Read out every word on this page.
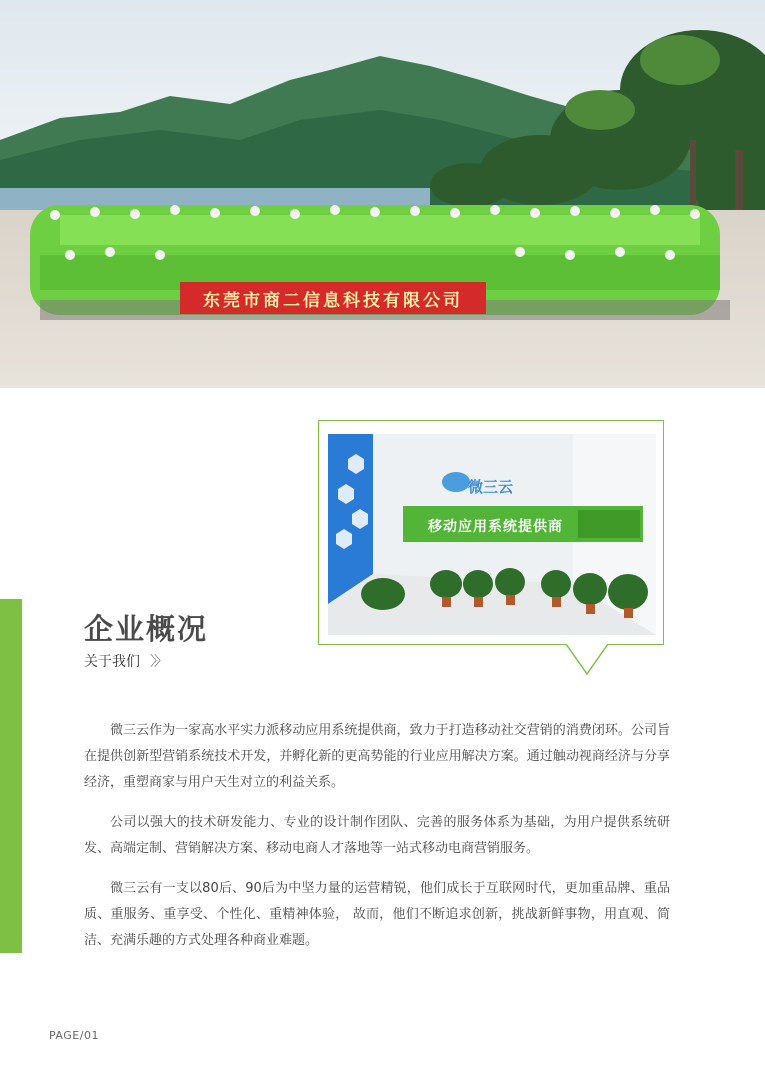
东莞市商二信息科技有限公司
微三云
移动应用系统提供商
企业概况
关于我们 〉〉

微三云作为一家高水平实力派移动应用系统提供商，致力于打造移动社交营销的消费闭环。公司旨在提供创新型营销系统技术开发，并孵化新的更高势能的行业应用解决方案。通过触动视商经济与分享经济，重塑商家与用户天生对立的利益关系。

公司以强大的技术研发能力、专业的设计制作团队、完善的服务体系为基础，为用户提供系统研发、高端定制、营销解决方案、移动电商人才落地等一站式移动电商营销服务。

微三云有一支以80后、90后为中坚力量的运营精锐，他们成长于互联网时代，更加重品牌、重品质、重服务、重享受、个性化、重精神体验， 故而，他们不断追求创新，挑战新鲜事物，用直观、简洁、充满乐趣的方式处理各种商业难题。

PAGE/01
